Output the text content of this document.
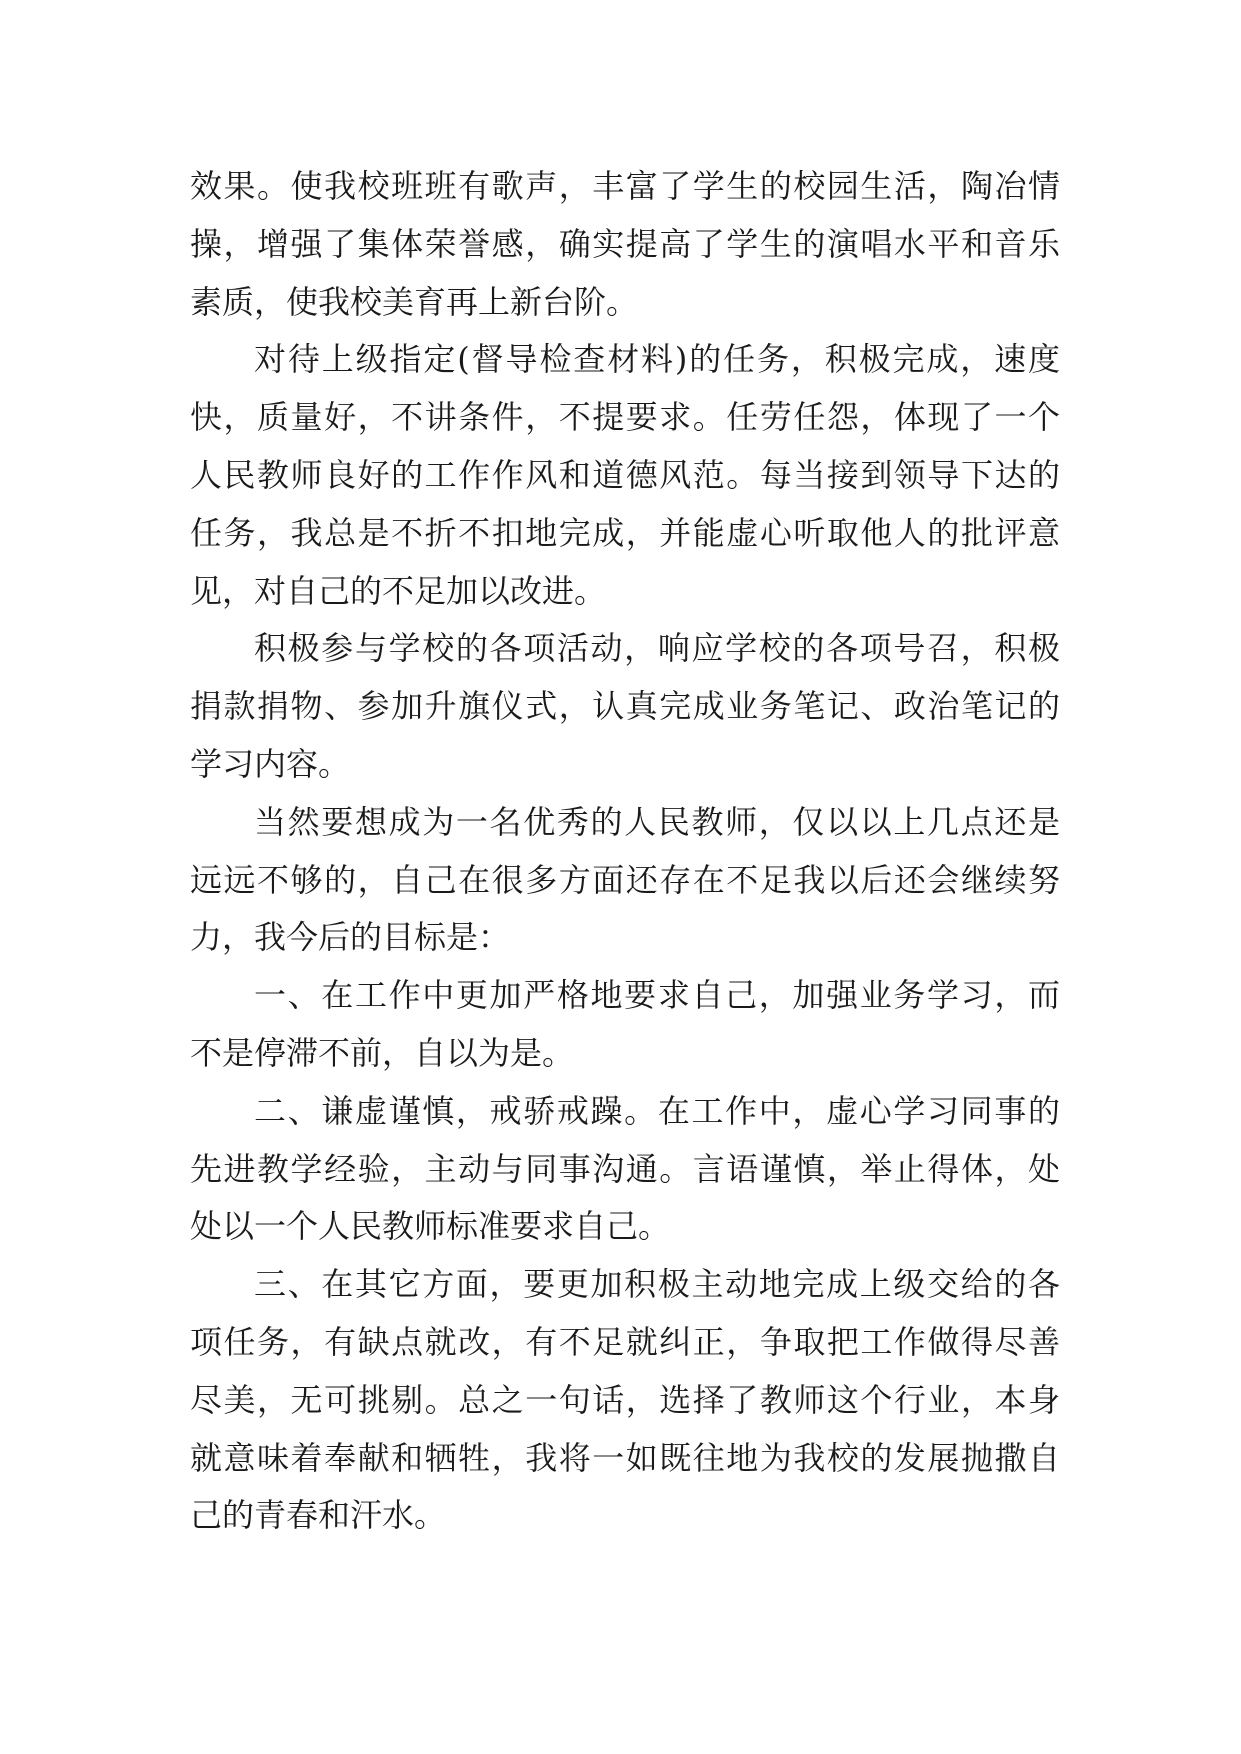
效果。使我校班班有歌声，丰富了学生的校园生活，陶冶情
操，增强了集体荣誉感，确实提高了学生的演唱水平和音乐
素质，使我校美育再上新台阶。
对待上级指定(督导检查材料)的任务，积极完成，速度
快，质量好，不讲条件，不提要求。任劳任怨，体现了一个
人民教师良好的工作作风和道德风范。每当接到领导下达的
任务，我总是不折不扣地完成，并能虚心听取他人的批评意
见，对自己的不足加以改进。
积极参与学校的各项活动，响应学校的各项号召，积极
捐款捐物、参加升旗仪式，认真完成业务笔记、政治笔记的
学习内容。
当然要想成为一名优秀的人民教师，仅以以上几点还是
远远不够的，自己在很多方面还存在不足我以后还会继续努
力，我今后的目标是：
一、在工作中更加严格地要求自己，加强业务学习，而
不是停滞不前，自以为是。
二、谦虚谨慎，戒骄戒躁。在工作中，虚心学习同事的
先进教学经验，主动与同事沟通。言语谨慎，举止得体，处
处以一个人民教师标准要求自己。
三、在其它方面，要更加积极主动地完成上级交给的各
项任务，有缺点就改，有不足就纠正，争取把工作做得尽善
尽美，无可挑剔。总之一句话，选择了教师这个行业，本身
就意味着奉献和牺牲，我将一如既往地为我校的发展抛撒自
己的青春和汗水。
